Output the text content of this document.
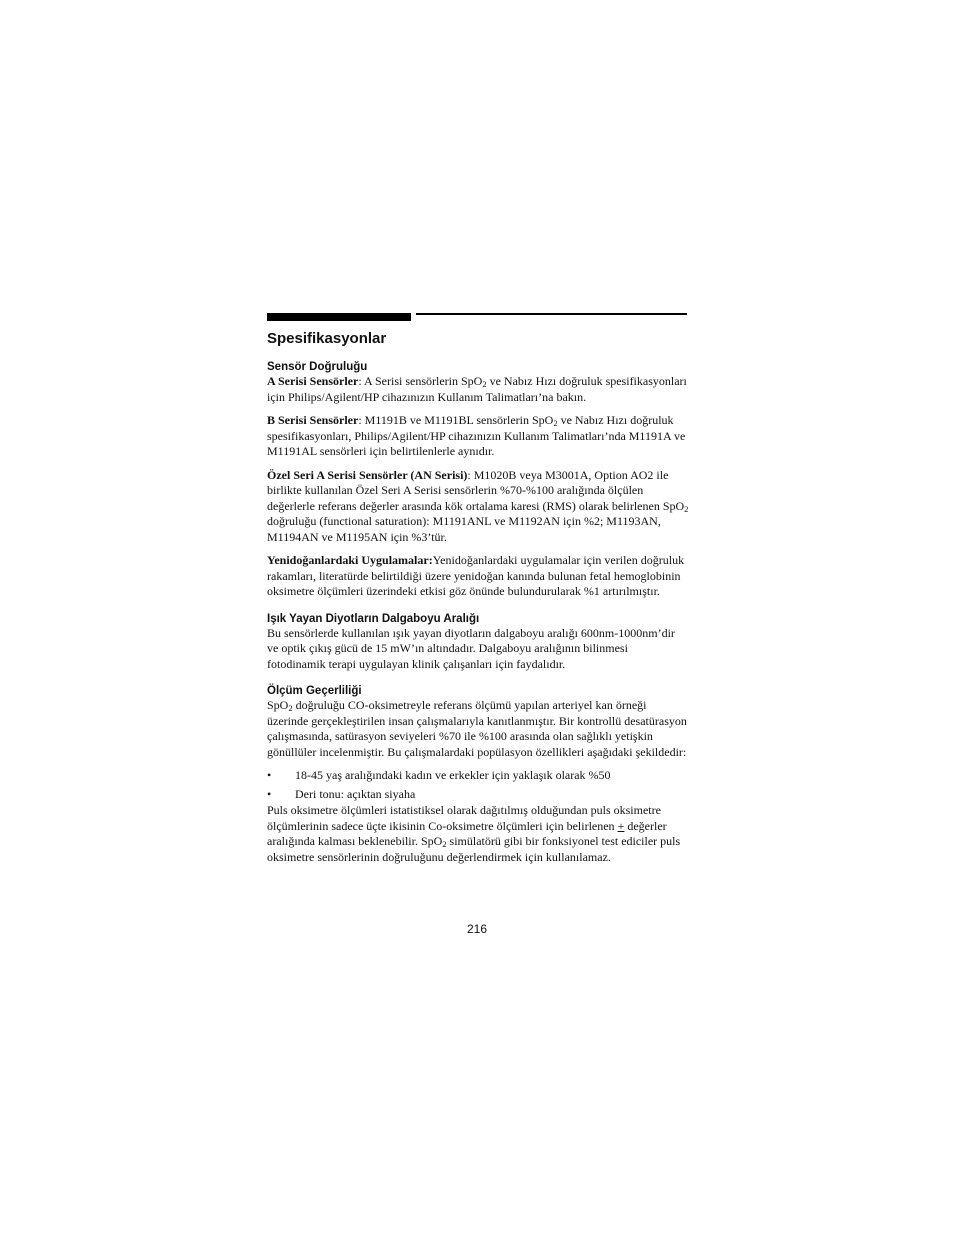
Spesifikasyonlar
Sensör Doğruluğu

A Serisi Sensörler: A Serisi sensörlerin SpO$_2$ ve Nabız Hızı doğruluk spesifikasyonları için Philips/Agilent/HP cihazınızın Kullanım Talimatları’na bakın.

B Serisi Sensörler: M1191B ve M1191BL sensörlerin SpO$_2$ ve Nabız Hızı doğruluk spesifikasyonları, Philips/Agilent/HP cihazınızın Kullanım Talimatları’nda M1191A ve M1191AL sensörleri için belirtilenlerle aynıdır.

Özel Seri A Serisi Sensörler (AN Serisi): M1020B veya M3001A, Option AO2 ile birlikte kullanılan Özel Seri A Serisi sensörlerin %70-%100 aralığında ölçülen değerlerle referans değerler arasında kök ortalama karesi (RMS) olarak belirlenen SpO$_2$ doğruluğu (functional saturation): M1191ANL ve M1192AN için %2; M1193AN, M1194AN ve M1195AN için %3’tür.

Yenidoğanlardaki Uygulamalar:Yenidoğanlardaki uygulamalar için verilen doğruluk rakamları, literatürde belirtildiği üzere yenidoğan kanında bulunan fetal hemoglobinin oksimetre ölçümleri üzerindeki etkisi göz önünde bulundurularak %1 artırılmıştır.

Işık Yayan Diyotların Dalgaboyu Aralığı

Bu sensörlerde kullanılan ışık yayan diyotların dalgaboyu aralığı 600nm-1000nm’dir ve optik çıkış gücü de 15 mW’ın altındadır. Dalgaboyu aralığının bilinmesi fotodinamik terapi uygulayan klinik çalışanları için faydalıdır.

Ölçüm Geçerliliği

SpO$_2$ doğruluğu CO-oksimetreyle referans ölçümü yapılan arteriyel kan örneği üzerinde gerçekleştirilen insan çalışmalarıyla kanıtlanmıştır. Bir kontrollü desatürasyon çalışmasında, satürasyon seviyeleri %70 ile %100 arasında olan sağlıklı yetişkin gönüllüler incelenmiştir. Bu çalışmalardaki popülasyon özellikleri aşağıdaki şekildedir:

• 18-45 yaş aralığındaki kadın ve erkekler için yaklaşık olarak %50
• Deri tonu: açıktan siyaha

Puls oksimetre ölçümleri istatistiksel olarak dağıtılmış olduğundan puls oksimetre ölçümlerinin sadece üçte ikisinin Co-oksimetre ölçümleri için belirlenen + değerler aralığında kalması beklenebilir. SpO$_2$ simülatörü gibi bir fonksiyonel test ediciler puls oksimetre sensörlerinin doğruluğunu değerlendirmek için kullanılamaz.

216
